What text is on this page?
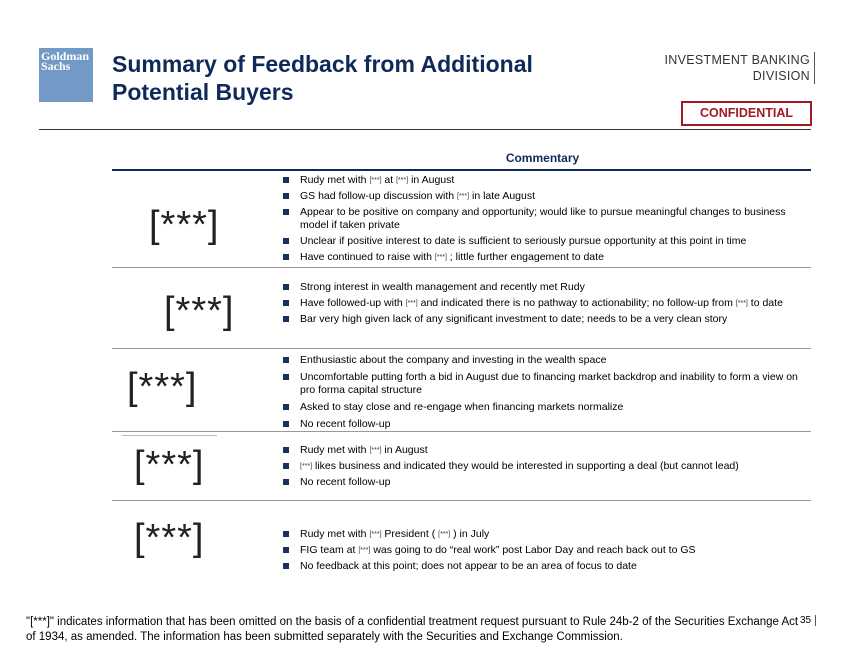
Goldman
Sachs	Summary of Feedback from Additional Potential Buyers
INVESTMENT BANKING
DIVISION
CONFIDENTIAL
Commentary
[***]
[***]
[***]
[***]
[***]

Rudy met with [***] at [***] in August

GS had follow-up discussion with [***] in late August

Appear to be positive on company and opportunity; would like to pursue meaningful changes to business model if taken private

Unclear if positive interest to date is sufficient to seriously pursue opportunity at this point in time

Have continued to raise with [***] ; little further engagement to date

Strong interest in wealth management and recently met Rudy

Have followed-up with [***] and indicated there is no pathway to actionability; no follow-up from [***] to date

Bar very high given lack of any significant investment to date; needs to be a very clean story

Enthusiastic about the company and investing in the wealth space

Uncomfortable putting forth a bid in August due to financing market backdrop and inability to form a view on pro forma capital structure

Asked to stay close and re-engage when financing markets normalize

No recent follow-up

Rudy met with [***] in August

[***] likes business and indicated they would be interested in supporting a deal (but cannot lead)

No recent follow-up

Rudy met with [***] President ( [***] ) in July

FIG team at [***] was going to do “real work” post Labor Day and reach back out to GS

No feedback at this point; does not appear to be an area of focus to date

"[***]" indicates information that has been omitted on the basis of a confidential treatment request pursuant to Rule 24b-2 of the Securities Exchange Act of 1934, as amended. The information has been submitted separately with the Securities and Exchange Commission.
35
